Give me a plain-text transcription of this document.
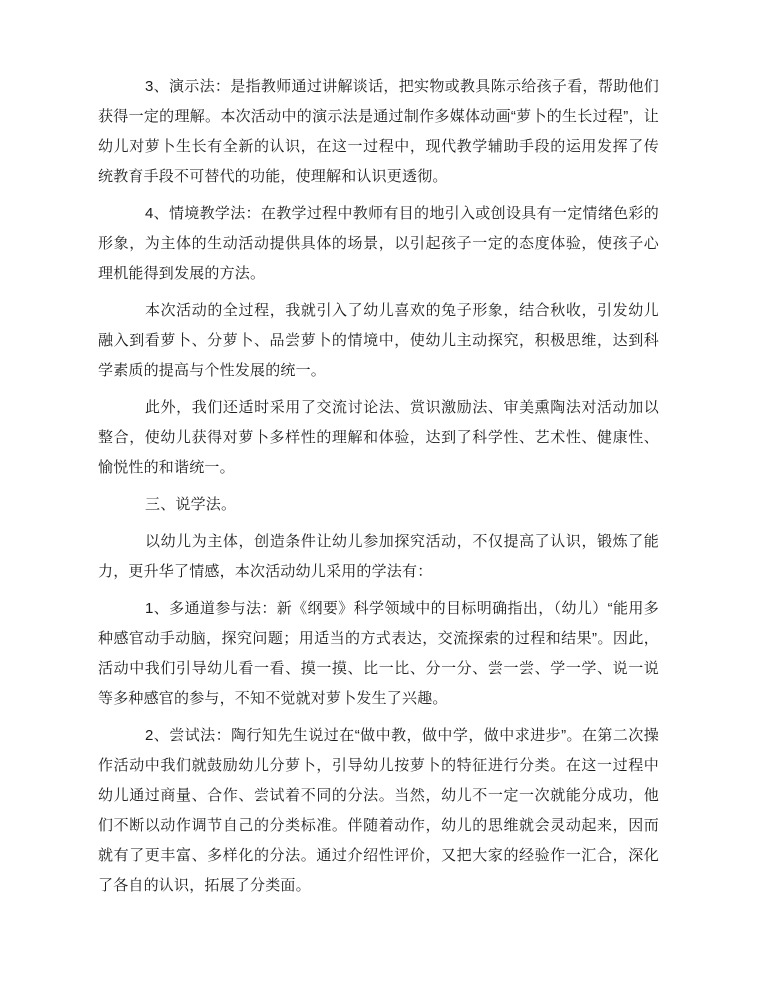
3、演示法：是指教师通过讲解谈话，把实物或教具陈示给孩子看，帮助他们获得一定的理解。本次活动中的演示法是通过制作多媒体动画“萝卜的生长过程”，让幼儿对萝卜生长有全新的认识，在这一过程中，现代教学辅助手段的运用发挥了传统教育手段不可替代的功能，使理解和认识更透彻。

4、情境教学法：在教学过程中教师有目的地引入或创设具有一定情绪色彩的形象，为主体的生动活动提供具体的场景，以引起孩子一定的态度体验，使孩子心理机能得到发展的方法。

本次活动的全过程，我就引入了幼儿喜欢的兔子形象，结合秋收，引发幼儿融入到看萝卜、分萝卜、品尝萝卜的情境中，使幼儿主动探究，积极思维，达到科学素质的提高与个性发展的统一。

此外，我们还适时采用了交流讨论法、赏识激励法、审美熏陶法对活动加以整合，使幼儿获得对萝卜多样性的理解和体验，达到了科学性、艺术性、健康性、愉悦性的和谐统一。

三、说学法。

以幼儿为主体，创造条件让幼儿参加探究活动，不仅提高了认识，锻炼了能力，更升华了情感，本次活动幼儿采用的学法有：

1、多通道参与法：新《纲要》科学领域中的目标明确指出，（幼儿）“能用多种感官动手动脑，探究问题；用适当的方式表达，交流探索的过程和结果”。因此，活动中我们引导幼儿看一看、摸一摸、比一比、分一分、尝一尝、学一学、说一说等多种感官的参与，不知不觉就对萝卜发生了兴趣。

2、尝试法：陶行知先生说过在“做中教，做中学，做中求进步”。在第二次操作活动中我们就鼓励幼儿分萝卜，引导幼儿按萝卜的特征进行分类。在这一过程中幼儿通过商量、合作、尝试着不同的分法。当然，幼儿不一定一次就能分成功，他们不断以动作调节自己的分类标准。伴随着动作，幼儿的思维就会灵动起来，因而就有了更丰富、多样化的分法。通过介绍性评价，又把大家的经验作一汇合，深化了各自的认识，拓展了分类面。
